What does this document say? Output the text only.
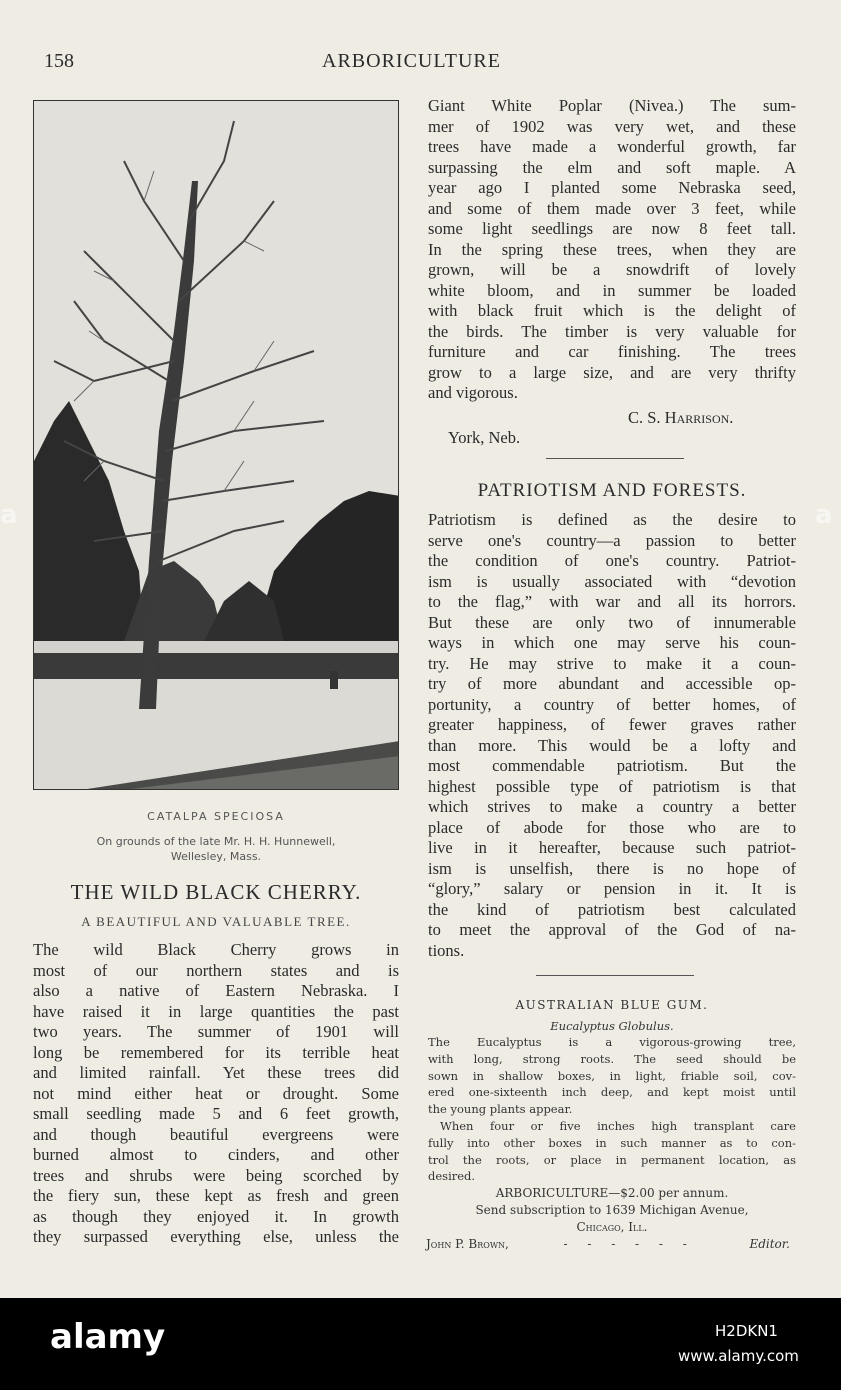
158	ARBORICULTURE
CATALPA SPECIOSA
On grounds of the late Mr. H. H. Hunnewell,
Wellesley, Mass.
THE WILD BLACK CHERRY.
A BEAUTIFUL AND VALUABLE TREE.
The wild Black Cherry grows in
most of our northern states and is
also a native of Eastern Nebraska. I
have raised it in large quantities the past
two years. The summer of 1901 will
long be remembered for its terrible heat
and limited rainfall. Yet these trees did
not mind either heat or drought. Some
small seedling made 5 and 6 feet growth,
and though beautiful evergreens were
burned almost to cinders, and other
trees and shrubs were being scorched by
the fiery sun, these kept as fresh and green
as though they enjoyed it. In growth
they surpassed everything else, unless the
Giant White Poplar (Nivea.) The sum-
mer of 1902 was very wet, and these
trees have made a wonderful growth, far
surpassing the elm and soft maple. A
year ago I planted some Nebraska seed,
and some of them made over 3 feet, while
some light seedlings are now 8 feet tall.
In the spring these trees, when they are
grown, will be a snowdrift of lovely
white bloom, and in summer be loaded
with black fruit which is the delight of
the birds. The timber is very valuable for
furniture and car finishing. The trees
grow to a large size, and are very thrifty
and vigorous.
C. S. Harrison.
York, Neb.
PATRIOTISM AND FORESTS.
Patriotism is defined as the desire to
serve one's country—a passion to better
the condition of one's country. Patriot-
ism is usually associated with “devotion
to the flag,” with war and all its horrors.
But these are only two of innumerable
ways in which one may serve his coun-
try. He may strive to make it a coun-
try of more abundant and accessible op-
portunity, a country of better homes, of
greater happiness, of fewer graves rather
than more. This would be a lofty and
most commendable patriotism. But the
highest possible type of patriotism is that
which strives to make a country a better
place of abode for those who are to
live in it hereafter, because such patriot-
ism is unselfish, there is no hope of
“glory,” salary or pension in it. It is
the kind of patriotism best calculated
to meet the approval of the God of na-
tions.
AUSTRALIAN BLUE GUM.
Eucalyptus Globulus.
The Eucalyptus is a vigorous-growing tree,
with long, strong roots. The seed should be
sown in shallow boxes, in light, friable soil, cov-
ered one-sixteenth inch deep, and kept moist until
the young plants appear.
When four or five inches high transplant care
fully into other boxes in such manner as to con-
trol the roots, or place in permanent location, as
desired.
ARBORICULTURE—$2.00 per annum.
Send subscription to 1639 Michigan Avenue,
Chicago, Ill.
John P. Brown,	- - - - - -	Editor.
a	a
alamy	H2DKN1
www.alamy.com
